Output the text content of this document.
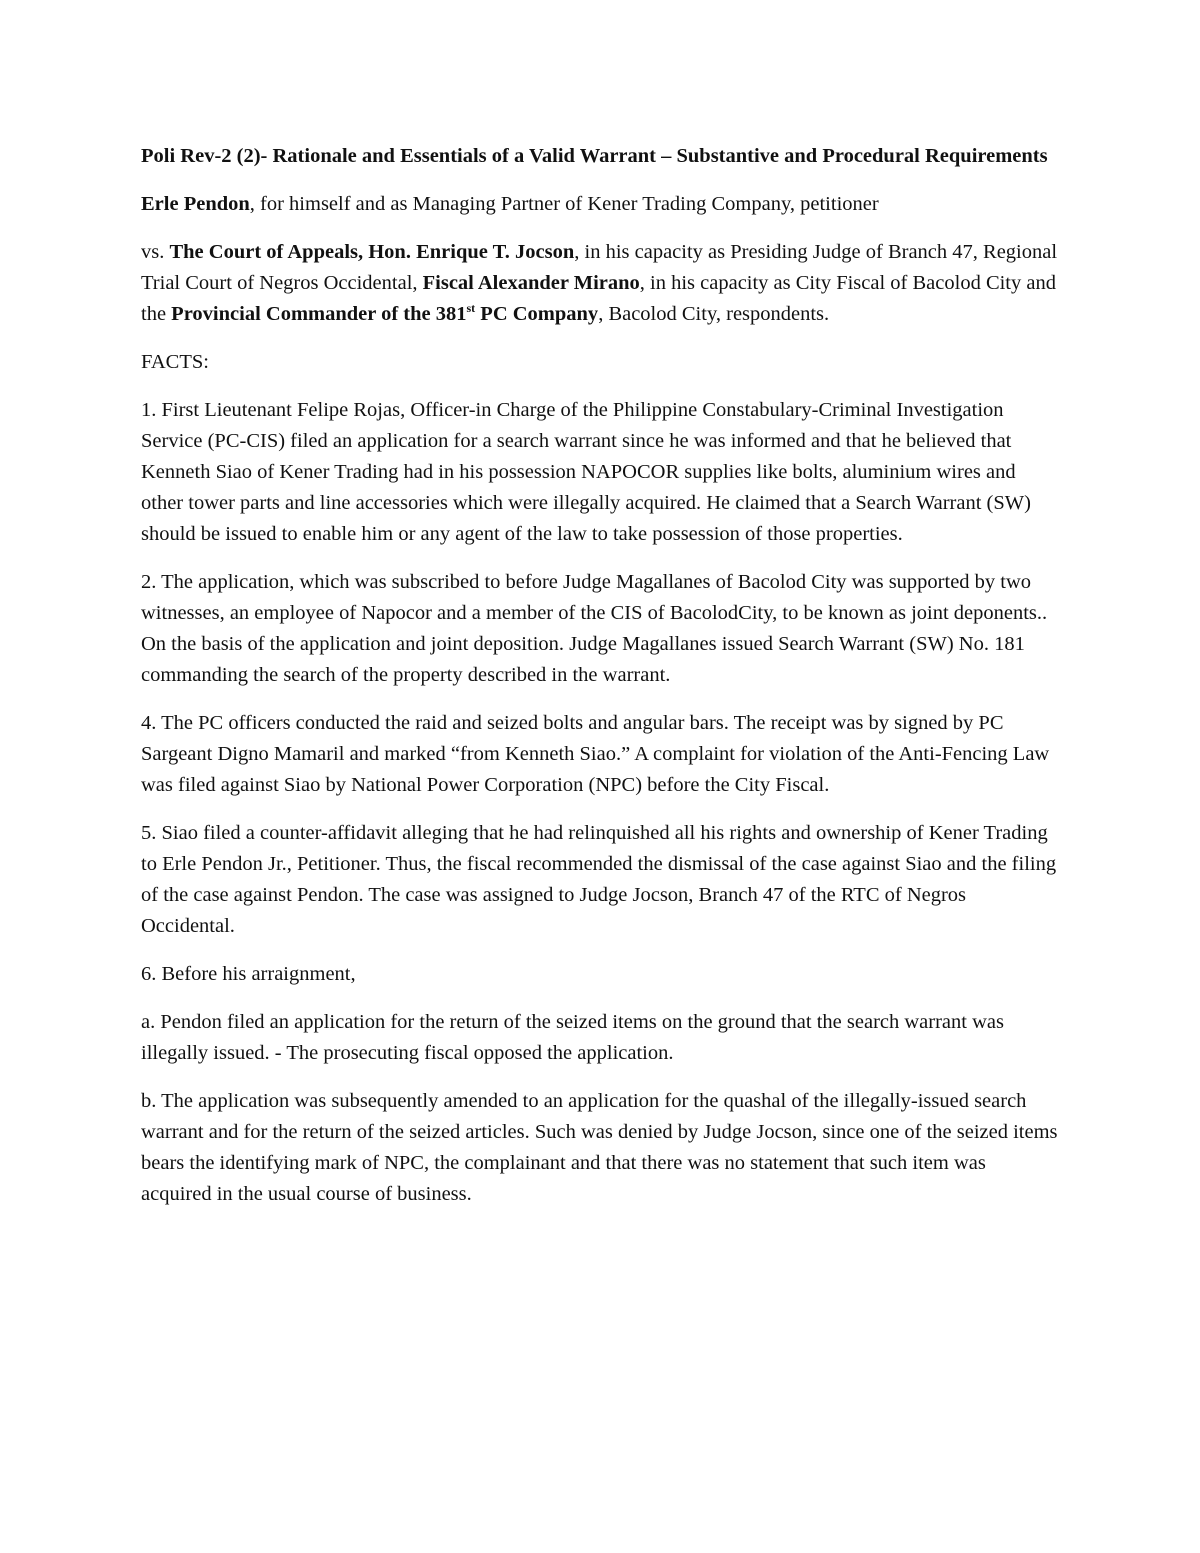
Poli Rev-2 (2)- Rationale and Essentials of a Valid Warrant – Substantive and Procedural Requirements

Erle Pendon, for himself and as Managing Partner of Kener Trading Company, petitioner

vs. The Court of Appeals, Hon. Enrique T. Jocson, in his capacity as Presiding Judge of Branch 47, Regional Trial Court of Negros Occidental, Fiscal Alexander Mirano, in his capacity as City Fiscal of Bacolod City and the Provincial Commander of the 381st PC Company, Bacolod City, respondents.

FACTS:

1. First Lieutenant Felipe Rojas, Officer-in Charge of the Philippine Constabulary-Criminal Investigation Service (PC-CIS) filed an application for a search warrant since he was informed and that he believed that Kenneth Siao of Kener Trading had in his possession NAPOCOR supplies like bolts, aluminium wires and other tower parts and line accessories which were illegally acquired. He claimed that a Search Warrant (SW) should be issued to enable him or any agent of the law to take possession of those properties.

2. The application, which was subscribed to before Judge Magallanes of Bacolod City was supported by two witnesses, an employee of Napocor and a member of the CIS of BacolodCity, to be known as joint deponents.. On the basis of the application and joint deposition. Judge Magallanes issued Search Warrant (SW) No. 181 commanding the search of the property described in the warrant.

4. The PC officers conducted the raid and seized bolts and angular bars. The receipt was by signed by PC Sargeant Digno Mamaril and marked “from Kenneth Siao.” A complaint for violation of the Anti-Fencing Law was filed against Siao by National Power Corporation (NPC) before the City Fiscal.

5. Siao filed a counter-affidavit alleging that he had relinquished all his rights and ownership of Kener Trading to Erle Pendon Jr., Petitioner. Thus, the fiscal recommended the dismissal of the case against Siao and the filing of the case against Pendon. The case was assigned to Judge Jocson, Branch 47 of the RTC of Negros Occidental.

6. Before his arraignment,

a. Pendon filed an application for the return of the seized items on the ground that the search warrant was illegally issued. - The prosecuting fiscal opposed the application.

b. The application was subsequently amended to an application for the quashal of the illegally-issued search warrant and for the return of the seized articles. Such was denied by Judge Jocson, since one of the seized items bears the identifying mark of NPC, the complainant and that there was no statement that such item was acquired in the usual course of business.
